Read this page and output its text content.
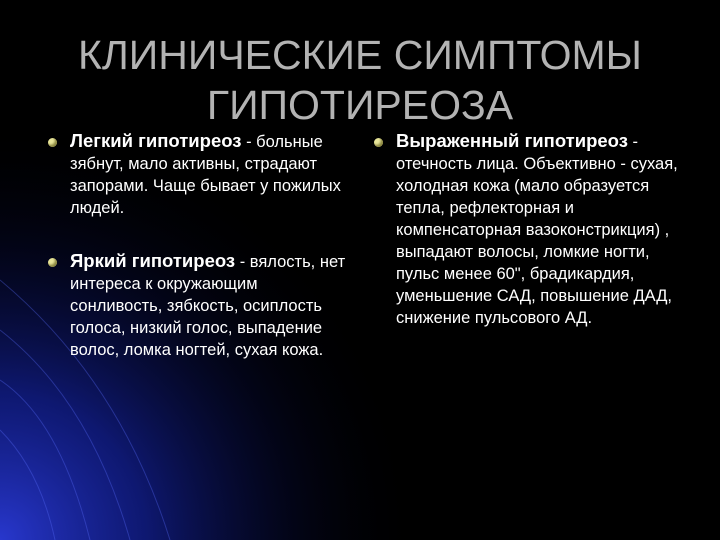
КЛИНИЧЕСКИЕ СИМПТОМЫ
ГИПОТИРЕОЗА
Легкий гипотиреоз - больные зябнут, мало активны, страдают запорами. Чаще бывает у пожилых людей.
Яркий гипотиреоз - вялость, нет интереса к окружающим сонливость, зябкость, осиплость голоса, низкий голос, выпадение волос, ломка ногтей, сухая кожа.
Выраженный гипотиреоз - отечность лица. Объективно - сухая, холодная кожа (мало образуется тепла, рефлекторная и компенсаторная вазоконстрикция) , выпадают волосы, ломкие ногти, пульс менее 60", брадикардия, уменьшение САД, повышение ДАД, снижение пульсового АД.
